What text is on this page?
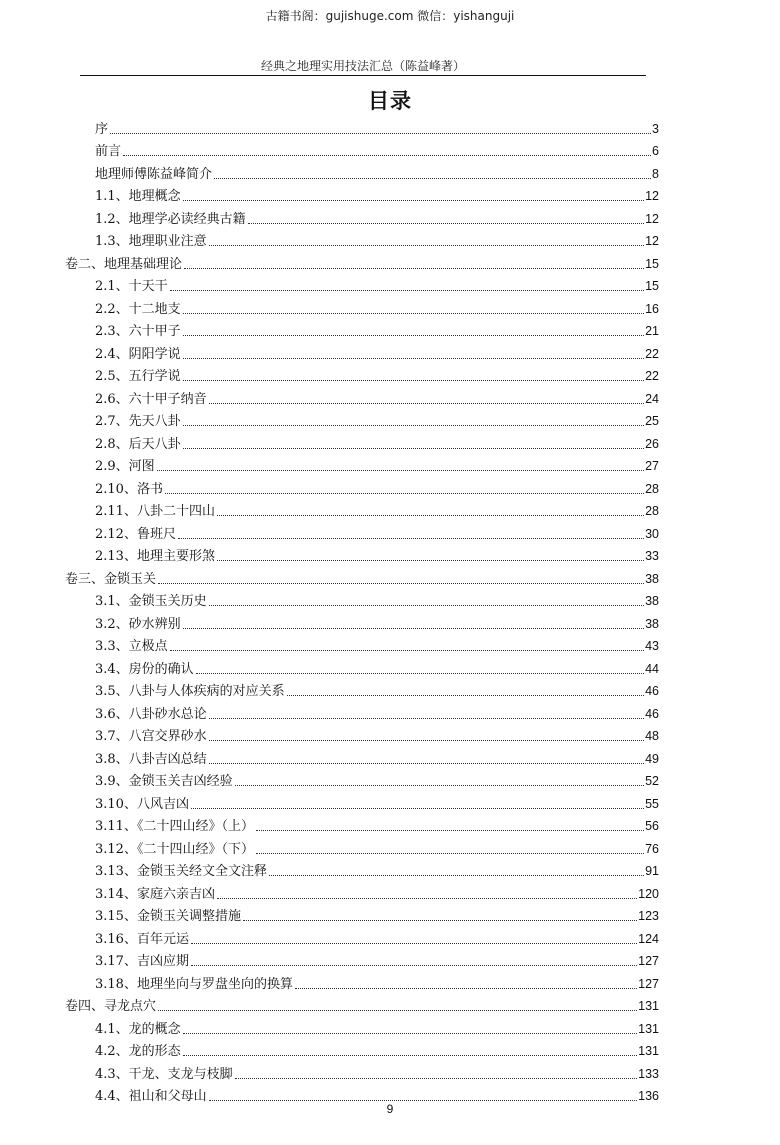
古籍书阁：gujishuge.com 微信：yishanguji
经典之地理实用技法汇总（陈益峰著）
目录
序	3
前言	6
地理师傅陈益峰简介	8
1.1、地理概念	12
1.2、地理学必读经典古籍	12
1.3、地理职业注意	12
卷二、地理基础理论	15
2.1、十天干	15
2.2、十二地支	16
2.3、六十甲子	21
2.4、阴阳学说	22
2.5、五行学说	22
2.6、六十甲子纳音	24
2.7、先天八卦	25
2.8、后天八卦	26
2.9、河图	27
2.10、洛书	28
2.11、八卦二十四山	28
2.12、鲁班尺	30
2.13、地理主要形煞	33
卷三、金锁玉关	38
3.1、金锁玉关历史	38
3.2、砂水辨别	38
3.3、立极点	43
3.4、房份的确认	44
3.5、八卦与人体疾病的对应关系	46
3.6、八卦砂水总论	46
3.7、八宫交界砂水	48
3.8、八卦吉凶总结	49
3.9、金锁玉关吉凶经验	52
3.10、八风吉凶	55
3.11、《二十四山经》（上）	56
3.12、《二十四山经》（下）	76
3.13、金锁玉关经文全文注释	91
3.14、家庭六亲吉凶	120
3.15、金锁玉关调整措施	123
3.16、百年元运	124
3.17、吉凶应期	127
3.18、地理坐向与罗盘坐向的换算	127
卷四、寻龙点穴	131
4.1、龙的概念	131
4.2、龙的形态	131
4.3、干龙、支龙与枝脚	133
4.4、祖山和父母山	136
9
